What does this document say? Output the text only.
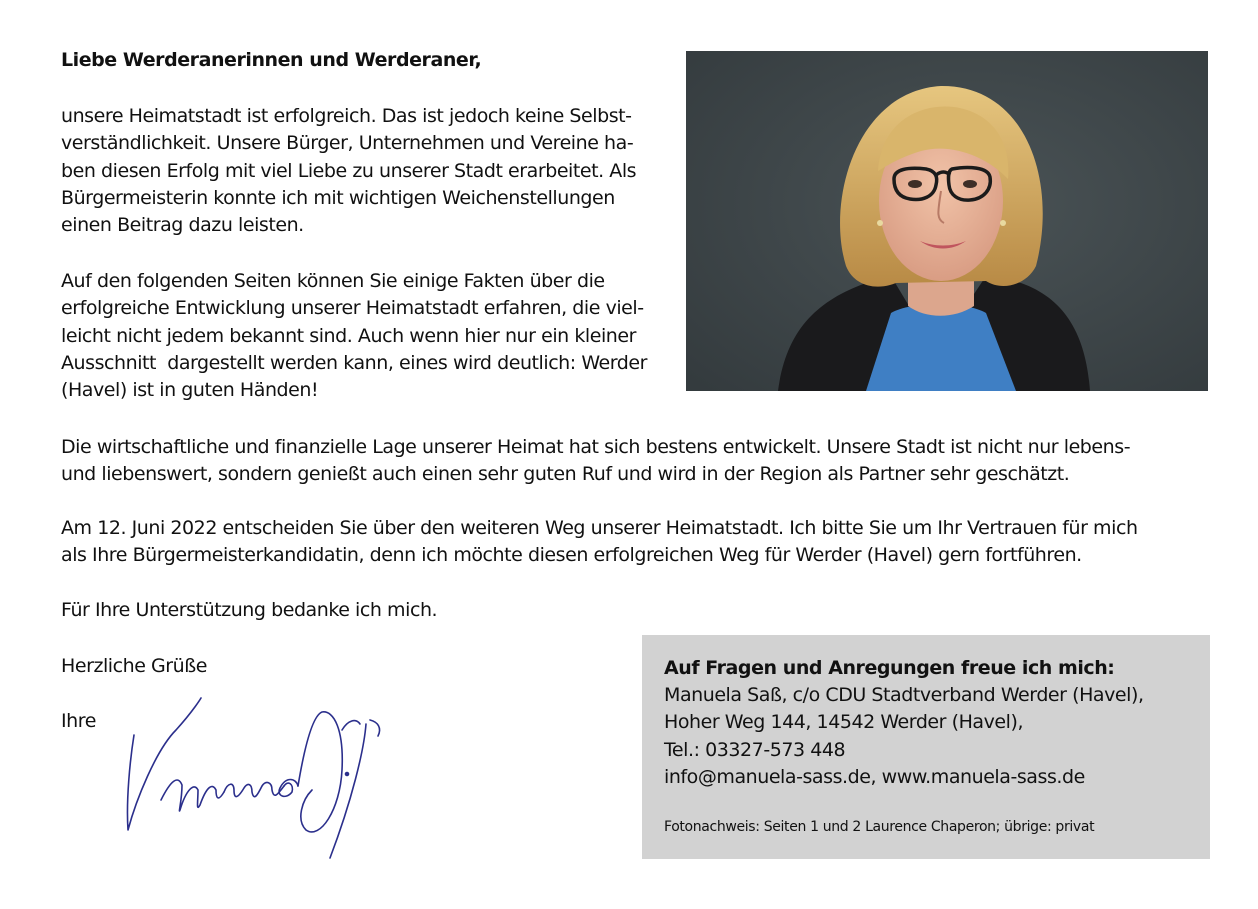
Liebe Werderanerinnen und Werderaner,
unsere Heimatstadt ist erfolgreich. Das ist jedoch keine Selbst-
verständlichkeit. Unsere Bürger, Unternehmen und Vereine ha-
ben diesen Erfolg mit viel Liebe zu unserer Stadt erarbeitet. Als
Bürgermeisterin konnte ich mit wichtigen Weichenstellungen
einen Beitrag dazu leisten.
Auf den folgenden Seiten können Sie einige Fakten über die
erfolgreiche Entwicklung unserer Heimatstadt erfahren, die viel-
leicht nicht jedem bekannt sind. Auch wenn hier nur ein kleiner
Ausschnitt  dargestellt werden kann, eines wird deutlich: Werder
(Havel) ist in guten Händen!
Die wirtschaftliche und finanzielle Lage unserer Heimat hat sich bestens entwickelt. Unsere Stadt ist nicht nur lebens-
und liebenswert, sondern genießt auch einen sehr guten Ruf und wird in der Region als Partner sehr geschätzt.
Am 12. Juni 2022 entscheiden Sie über den weiteren Weg unserer Heimatstadt. Ich bitte Sie um Ihr Vertrauen für mich
als Ihre Bürgermeisterkandidatin, denn ich möchte diesen erfolgreichen Weg für Werder (Havel) gern fortführen.
Für Ihre Unterstützung bedanke ich mich.
Herzliche Grüße
Ihre
Auf Fragen und Anregungen freue ich mich:
Manuela Saß, c/o CDU Stadtverband Werder (Havel),
Hoher Weg 144, 14542 Werder (Havel),
Tel.: 03327-573 448
info@manuela-sass.de, www.manuela-sass.de
Fotonachweis: Seiten 1 und 2 Laurence Chaperon; übrige: privat
